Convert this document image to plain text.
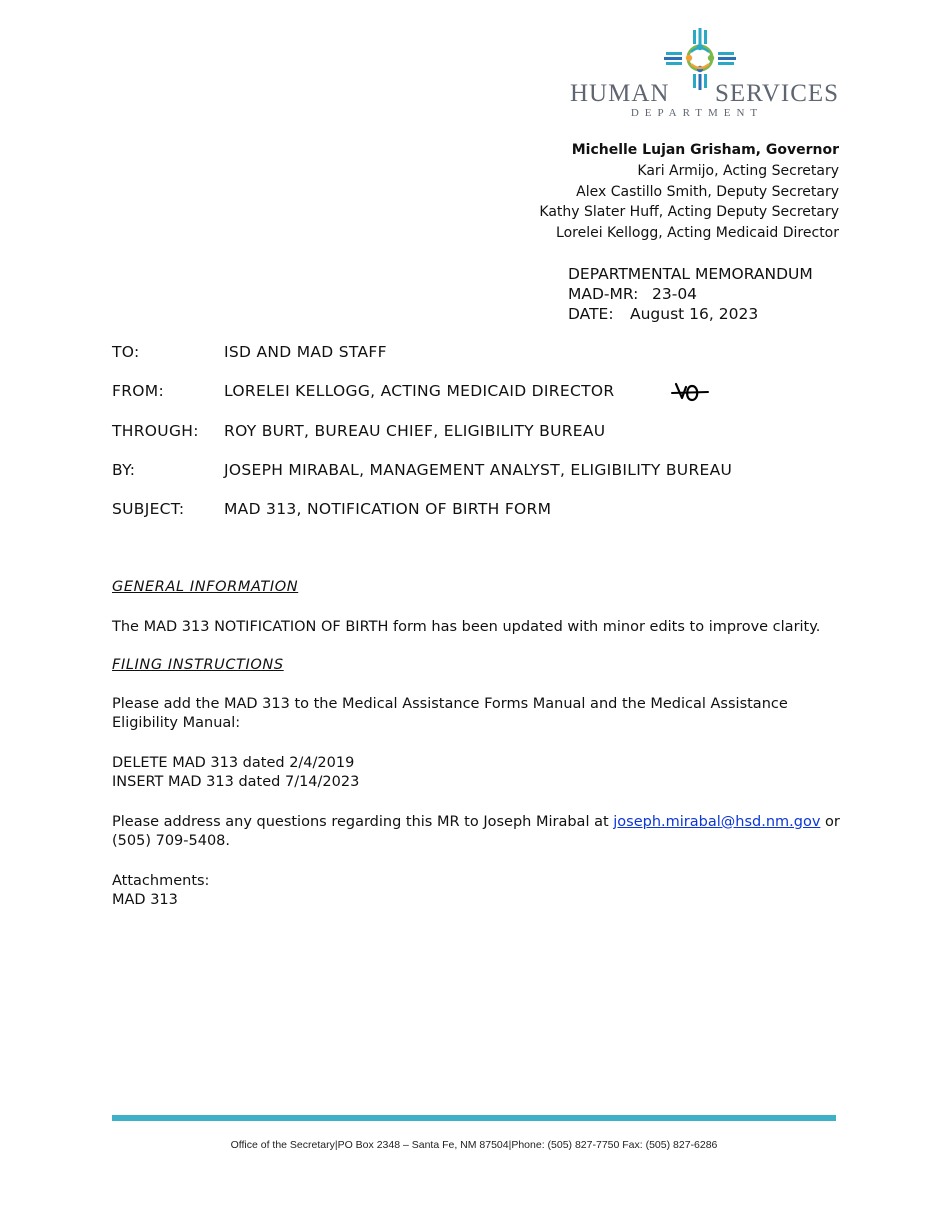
HUMAN SERVICES
DEPARTMENT
Michelle Lujan Grisham, Governor
Kari Armijo, Acting Secretary
Alex Castillo Smith, Deputy Secretary
Kathy Slater Huff, Acting Deputy Secretary
Lorelei Kellogg, Acting Medicaid Director
DEPARTMENTAL MEMORANDUM
MAD-MR: 23-04
DATE: August 16, 2023
TO:	ISD AND MAD STAFF
FROM:	LORELEI KELLOGG, ACTING MEDICAID DIRECTOR
THROUGH: ROY BURT, BUREAU CHIEF, ELIGIBILITY BUREAU
BY:	JOSEPH MIRABAL, MANAGEMENT ANALYST, ELIGIBILITY BUREAU
SUBJECT:	MAD 313, NOTIFICATION OF BIRTH FORM

GENERAL INFORMATION

The MAD 313 NOTIFICATION OF BIRTH form has been updated with minor edits to improve clarity.

FILING INSTRUCTIONS

Please add the MAD 313 to the Medical Assistance Forms Manual and the Medical Assistance Eligibility Manual:

DELETE MAD 313 dated 2/4/2019

INSERT MAD 313 dated 7/14/2023

Please address any questions regarding this MR to Joseph Mirabal at joseph.mirabal@hsd.nm.gov or (505) 709-5408.

Attachments:

MAD 313

Office of the Secretary|PO Box 2348 – Santa Fe, NM 87504|Phone: (505) 827-7750 Fax: (505) 827-6286
